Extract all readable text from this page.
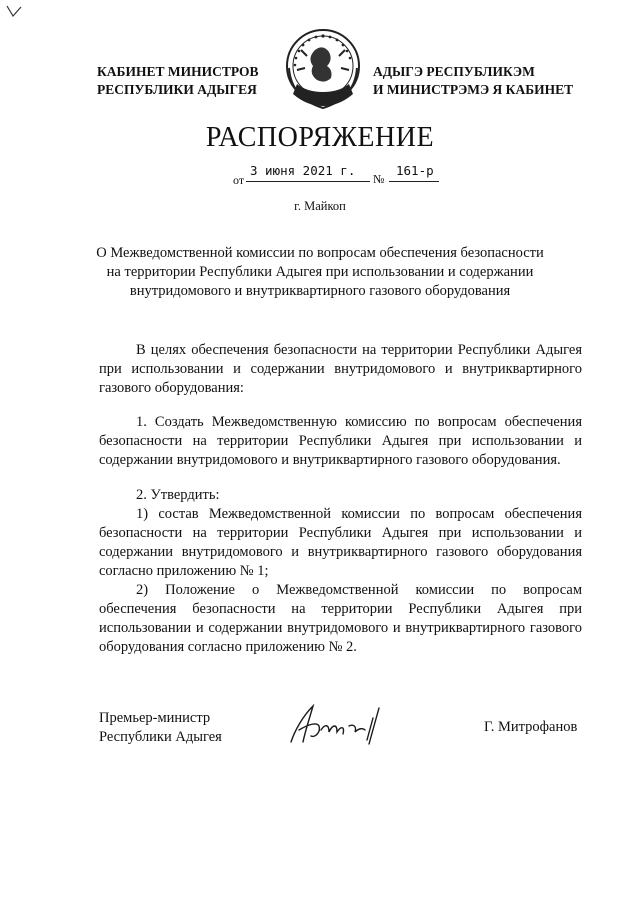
КАБИНЕТ МИНИСТРОВ
РЕСПУБЛИКИ АДЫГЕЯ
АДЫГЭ РЕСПУБЛИКЭМ
И МИНИСТРЭМЭ Я КАБИНЕТ
РАСПОРЯЖЕНИЕ
от
3 июня 2021 г.
№
161-р
г. Майкоп
О Межведомственной комиссии по вопросам обеспечения безопасности
на территории Республики Адыгея при использовании и содержании
внутридомового и внутриквартирного газового оборудования

В целях обеспечения безопасности на территории Республики Адыгея при использовании и содержании внутридомового и внутриквартирного газового оборудования:

1. Создать Межведомственную комиссию по вопросам обеспечения безопасности на территории Республики Адыгея при использовании и содержании внутридомового и внутриквартирного газового оборудования.

2. Утвердить:

1) состав Межведомственной комиссии по вопросам обеспечения безопасности на территории Республики Адыгея при использовании и содержании внутридомового и внутриквартирного газового оборудования согласно приложению № 1;

2) Положение о Межведомственной комиссии по вопросам обеспечения безопасности на территории Республики Адыгея при использовании и содержании внутридомового и внутриквартирного газового оборудования согласно приложению № 2.

Премьер-министр
Республики Адыгея
Г. Митрофанов
